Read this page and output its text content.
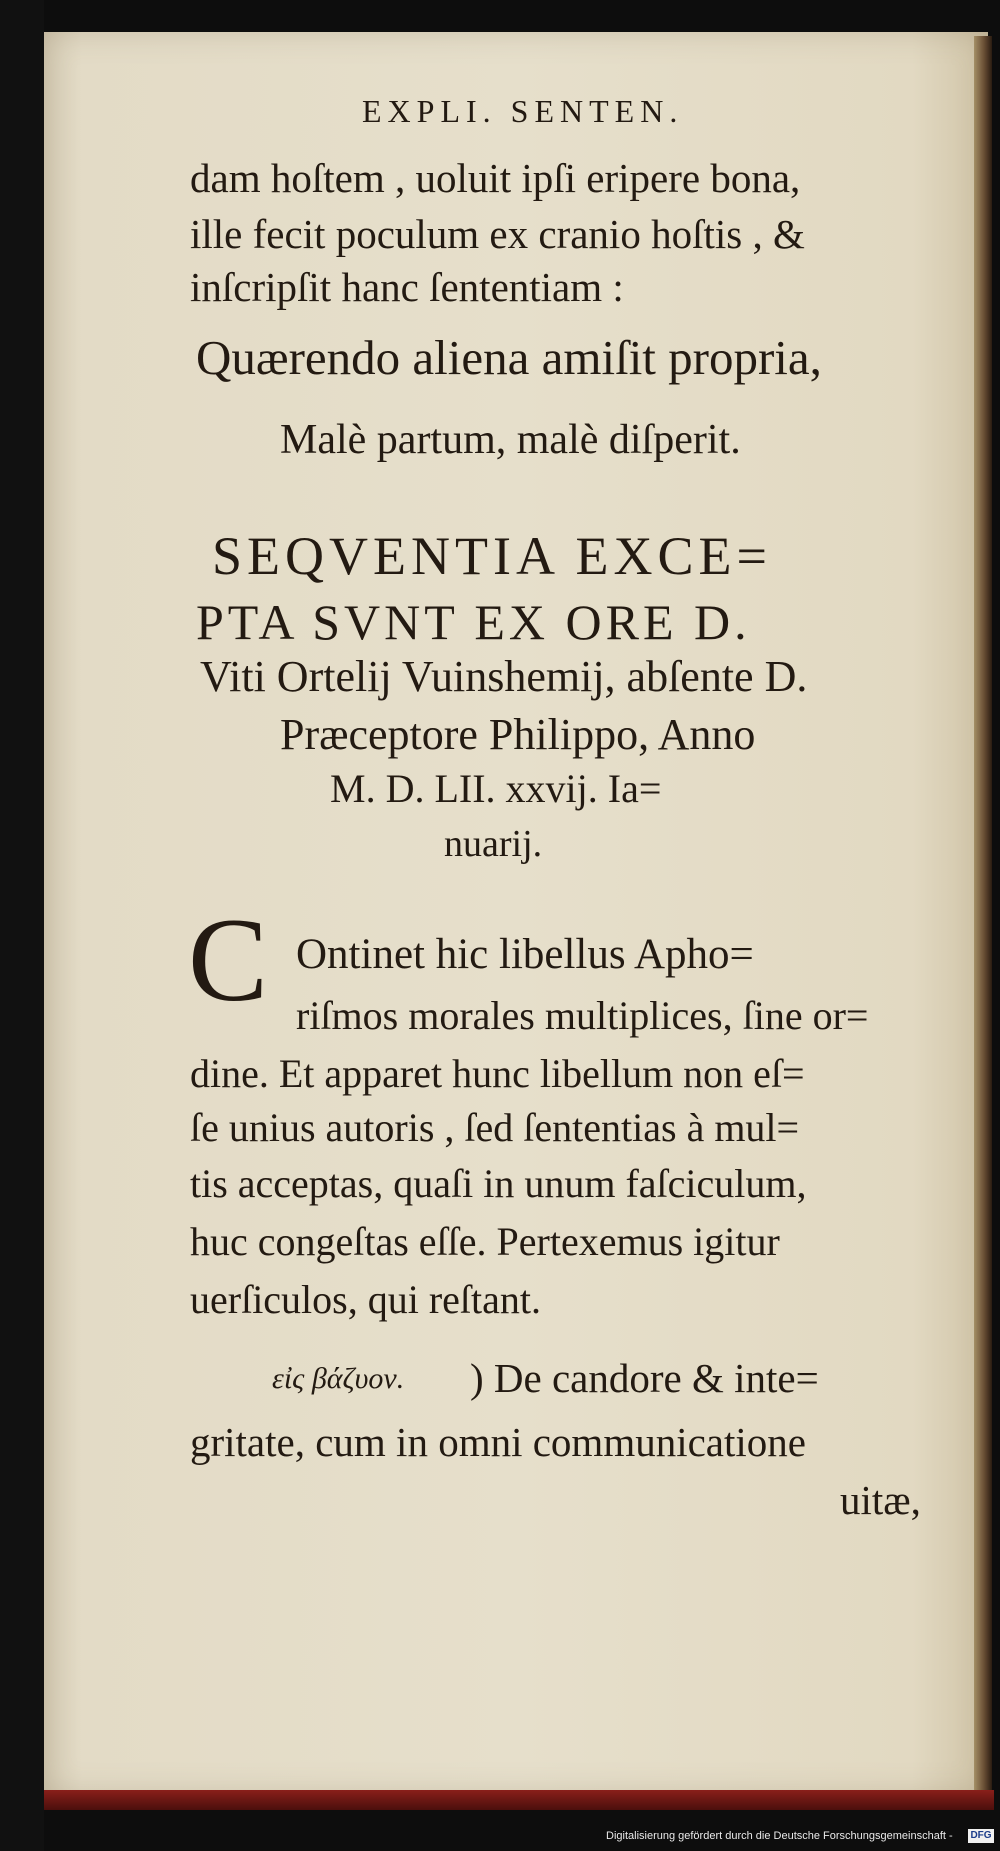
EXPLI. SENTEN.
dam hoſtem , uoluit ipſi eripere bona,
ille fecit poculum ex cranio hoſtis , &
inſcripſit hanc ſententiam :
Quærendo aliena amiſit propria,
Malè partum, malè diſperit.
SEQVENTIA EXCE=
PTA SVNT EX ORE D.
Viti Ortelij Vuinshemij, abſente D.
Præceptore Philippo, Anno
M. D. LII. xxvij. Ia=
nuarij.
C Ontinet hic libellus Apho=
riſmos morales multiplices, ſine or=
dine. Et apparet hunc libellum non eſ=
ſe unius autoris , ſed ſententias à mul=
tis acceptas, quaſi in unum faſciculum,
huc congeſtas eſſe. Pertexemus igitur
uerſiculos, qui reſtant.
εἰς βάζυον. ) De candore & inte=
gritate, cum in omni communicatione
uitæ,
Digitalisierung gefördert durch die Deutsche Forschungsgemeinschaft - DFG
